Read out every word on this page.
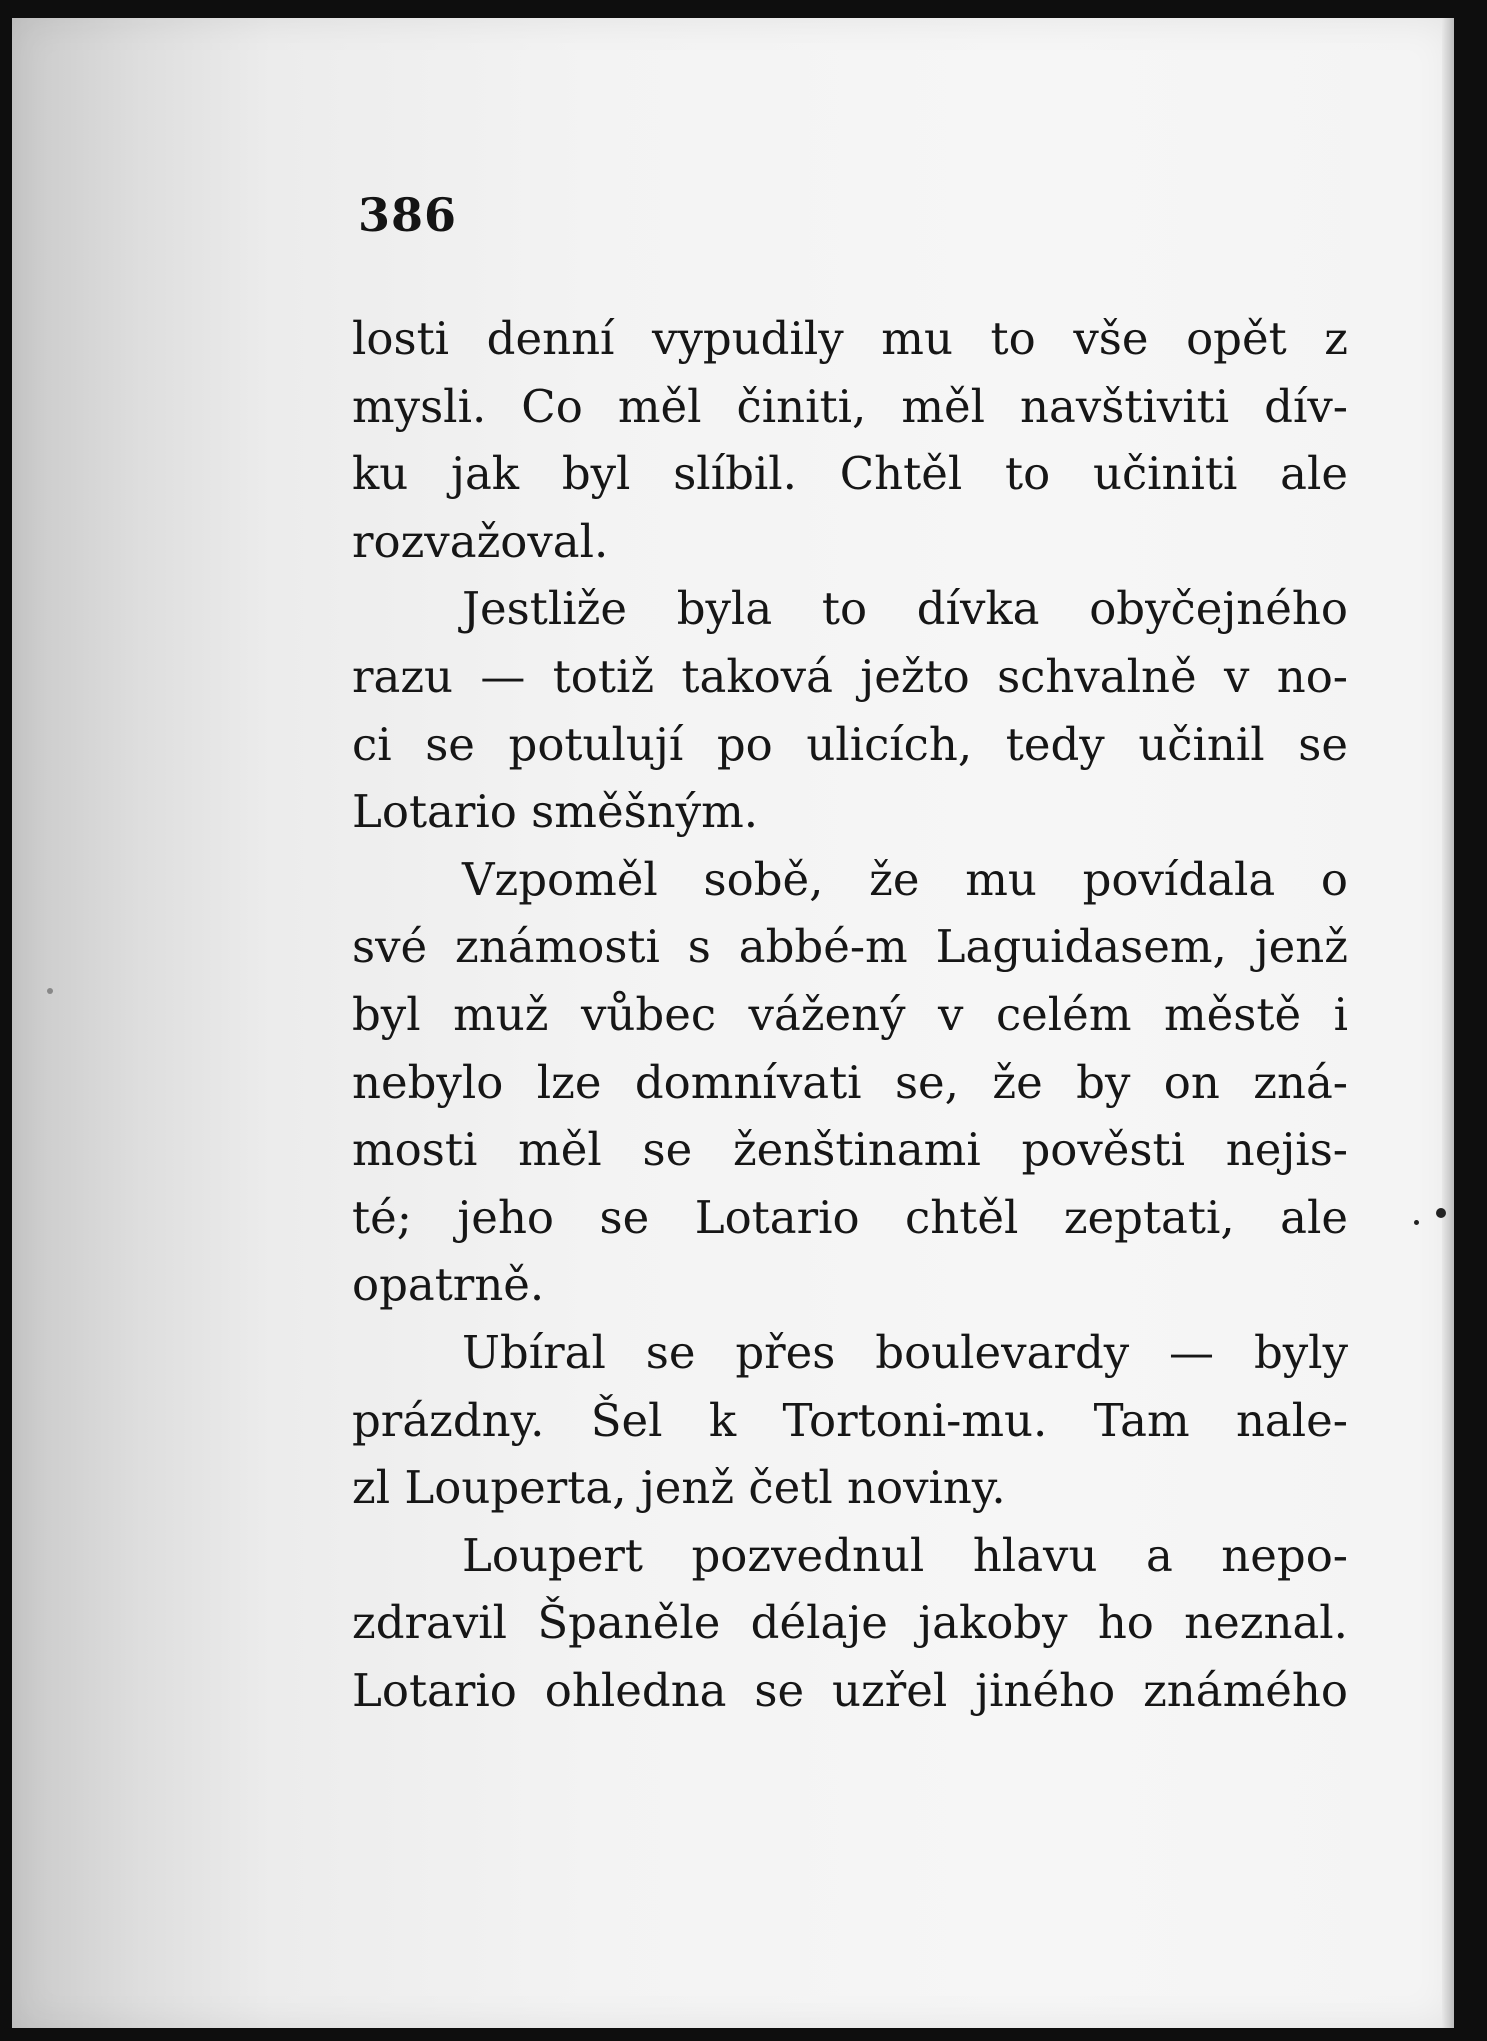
386
losti denní vypudily mu to vše opět z
mysli. Co měl činiti, měl navštiviti dív-
ku jak byl slíbil. Chtěl to učiniti ale
rozvažoval.
Jestliže byla to dívka obyčejného
razu — totiž taková ježto schvalně v no-
ci se potulují po ulicích, tedy učinil se
Lotario směšným.
Vzpoměl sobě, že mu povídala o
své známosti s abbé-m Laguidasem, jenž
byl muž vůbec vážený v celém městě i
nebylo lze domnívati se, že by on zná-
mosti měl se ženštinami pověsti nejis-
té; jeho se Lotario chtěl zeptati, ale
opatrně.
Ubíral se přes boulevardy — byly
prázdny. Šel k Tortoni-mu. Tam nale-
zl Louperta, jenž četl noviny.
Loupert pozvednul hlavu a nepo-
zdravil Španěle délaje jakoby ho neznal.
Lotario ohledna se uzřel jiného známého
